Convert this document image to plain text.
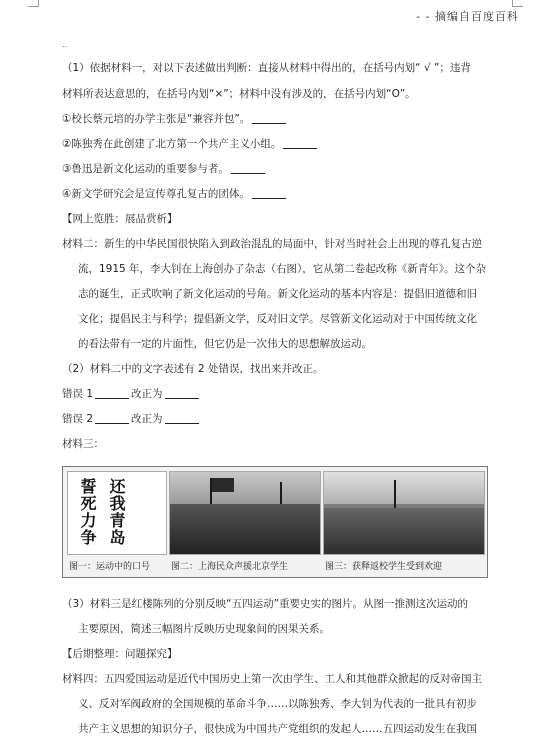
- - 摘编自百度百科
..
（1）依据材料一，对以下表述做出判断：直接从材料中得出的，在括号内划“ √ ”；违背
材料所表达意思的，在括号内划“×”；材料中没有涉及的，在括号内划“O”。
①校长蔡元培的办学主张是“兼容并包”。
②陈独秀在此创建了北方第一个共产主义小组。
③鲁迅是新文化运动的重要参与者。
④新文学研究会是宣传尊孔复古的团体。
【网上览胜：展品赏析】
材料二：新生的中华民国很快陷入到政治混乱的局面中，针对当时社会上出现的尊孔复古逆
流，1915 年，李大钊在上海创办了杂志（右图），它从第二卷起改称《新青年》。这个杂
志的诞生，正式吹响了新文化运动的号角。新文化运动的基本内容是：提倡旧道德和旧
文化；提倡民主与科学；提倡新文学，反对旧文学。尽管新文化运动对于中国传统文化
的看法带有一定的片面性，但它仍是一次伟大的思想解放运动。
（2）材料二中的文字表述有 2 处错误，找出来并改正。
错误 1	改正为
错误 2	改正为
材料三：
誓死力争
还我青岛
图一：运动中的口号 图二：上海民众声援北京学生	图三：获释返校学生受到欢迎
（3）材料三是红楼陈列的分别反映“五四运动”重要史实的图片。从图一推测这次运动的
主要原因，简述三幅图片反映历史现象间的因果关系。
【后期整理：问题探究】
材料四：五四爱国运动是近代中国历史上第一次由学生、工人和其他群众掀起的反对帝国主
义、反对军阀政府的全国规模的革命斗争……以陈独秀、李大钊为代表的一批具有初步
共产主义思想的知识分子，很快成为中国共产党组织的发起人……五四运动发生在我国
